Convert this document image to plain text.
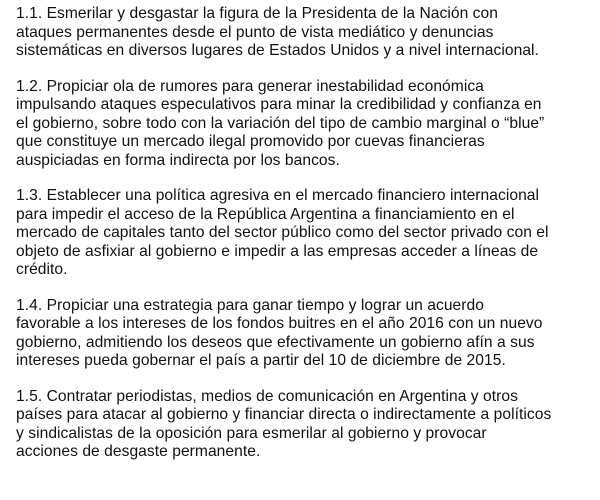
1.1. Esmerilar y desgastar la figura de la Presidenta de la Nación con
ataques permanentes desde el punto de vista mediático y denuncias
sistemáticas en diversos lugares de Estados Unidos y a nivel internacional.
1.2. Propiciar ola de rumores para generar inestabilidad económica
impulsando ataques especulativos para minar la credibilidad y confianza en
el gobierno, sobre todo con la variación del tipo de cambio marginal o “blue”
que constituye un mercado ilegal promovido por cuevas financieras
auspiciadas en forma indirecta por los bancos.
1.3. Establecer una política agresiva en el mercado financiero internacional
para impedir el acceso de la República Argentina a financiamiento en el
mercado de capitales tanto del sector público como del sector privado con el
objeto de asfixiar al gobierno e impedir a las empresas acceder a líneas de
crédito.
1.4. Propiciar una estrategia para ganar tiempo y lograr un acuerdo
favorable a los intereses de los fondos buitres en el año 2016 con un nuevo
gobierno, admitiendo los deseos que efectivamente un gobierno afín a sus
intereses pueda gobernar el país a partir del 10 de diciembre de 2015.
1.5. Contratar periodistas, medios de comunicación en Argentina y otros
países para atacar al gobierno y financiar directa o indirectamente a políticos
y sindicalistas de la oposición para esmerilar al gobierno y provocar
acciones de desgaste permanente.
